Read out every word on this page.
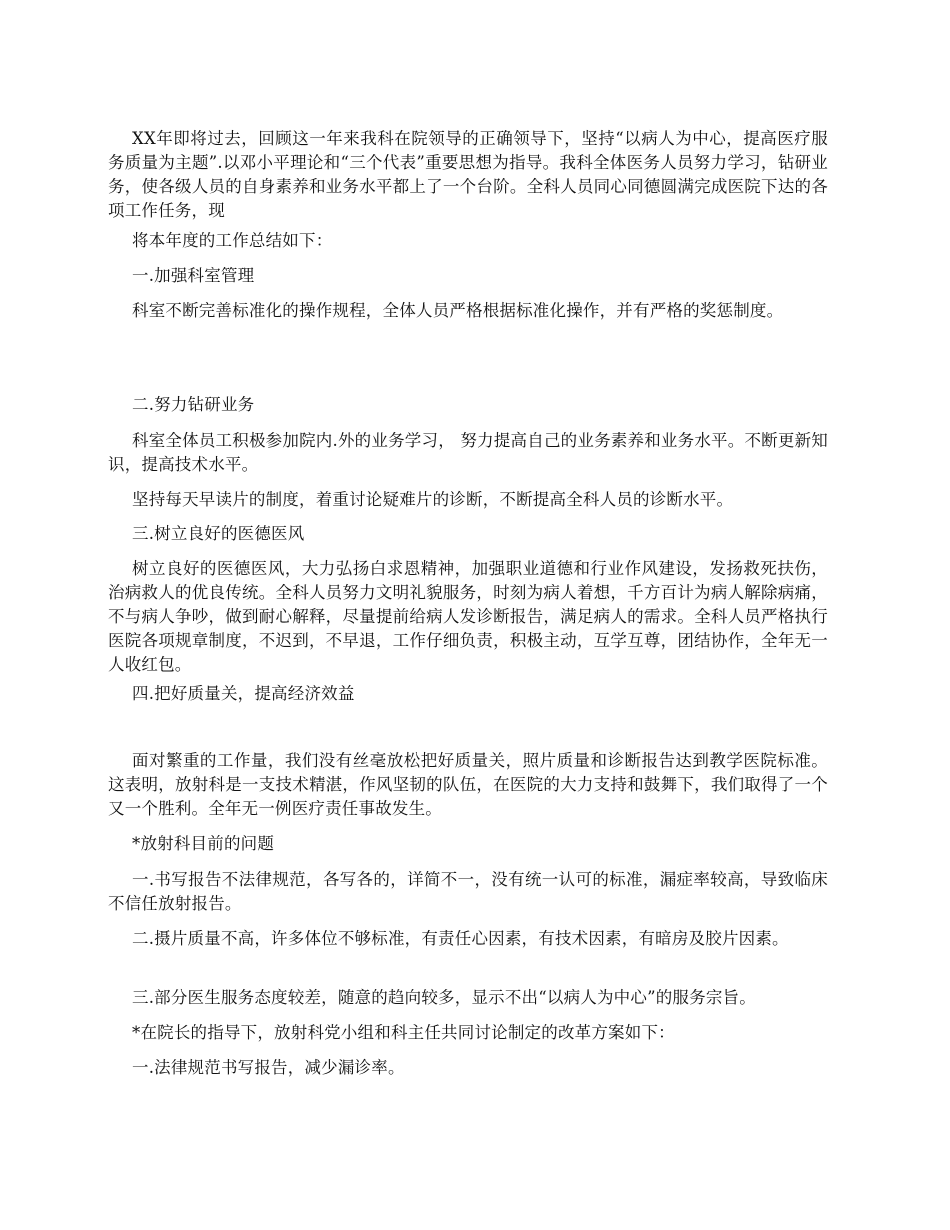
XX年即将过去，回顾这一年来我科在院领导的正确领导下，坚持“以病人为中心，提高医疗服务质量为主题”.以邓小平理论和“三个代表”重要思想为指导。我科全体医务人员努力学习，钻研业务，使各级人员的自身素养和业务水平都上了一个台阶。全科人员同心同德圆满完成医院下达的各项工作任务，现

将本年度的工作总结如下：

一.加强科室管理

科室不断完善标准化的操作规程，全体人员严格根据标准化操作，并有严格的奖惩制度。

二.努力钻研业务

科室全体员工积极参加院内.外的业务学习， 努力提高自己的业务素养和业务水平。不断更新知识，提高技术水平。

坚持每天早读片的制度，着重讨论疑难片的诊断，不断提高全科人员的诊断水平。

三.树立良好的医德医风

树立良好的医德医风，大力弘扬白求恩精神，加强职业道德和行业作风建设，发扬救死扶伤，治病救人的优良传统。全科人员努力文明礼貌服务，时刻为病人着想，千方百计为病人解除病痛，不与病人争吵，做到耐心解释，尽量提前给病人发诊断报告，满足病人的需求。全科人员严格执行医院各项规章制度，不迟到，不早退，工作仔细负责，积极主动，互学互尊，团结协作，全年无一人收红包。

四.把好质量关，提高经济效益

面对繁重的工作量，我们没有丝毫放松把好质量关，照片质量和诊断报告达到教学医院标准。这表明，放射科是一支技术精湛，作风坚韧的队伍，在医院的大力支持和鼓舞下，我们取得了一个又一个胜利。全年无一例医疗责任事故发生。

*放射科目前的问题

一.书写报告不法律规范，各写各的，详简不一，没有统一认可的标准，漏症率较高，导致临床不信任放射报告。

二.摄片质量不高，许多体位不够标准，有责任心因素，有技术因素，有暗房及胶片因素。

三.部分医生服务态度较差，随意的趋向较多，显示不出“以病人为中心”的服务宗旨。

*在院长的指导下，放射科党小组和科主任共同讨论制定的改革方案如下：

一.法律规范书写报告，减少漏诊率。
